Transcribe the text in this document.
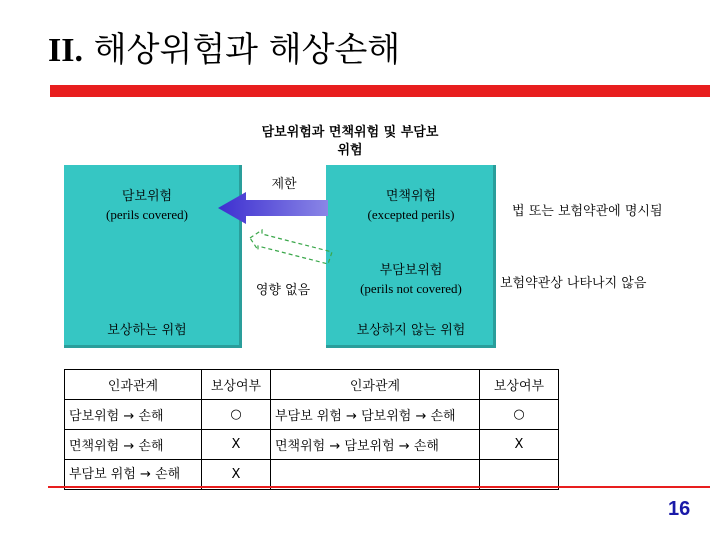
II. 해상위험과 해상손해
담보위험과 면책위험 및 부담보
위험
담보위험
(perils covered)
보상하는 위험
면책위험
(excepted perils)
부담보위험
(perils not covered)
보상하지 않는 위험
제한
영향 없음
법 또는 보험약관에 명시됨
보험약관상 나타나지 않음
인과관계	보상여부	인과관계	보상여부
담보위험 → 손해	○	부담보 위험 → 담보위험 → 손해	○
면책위험 → 손해	X	면책위험 → 담보위험 → 손해	X
부담보 위험 → 손해	X		
16
